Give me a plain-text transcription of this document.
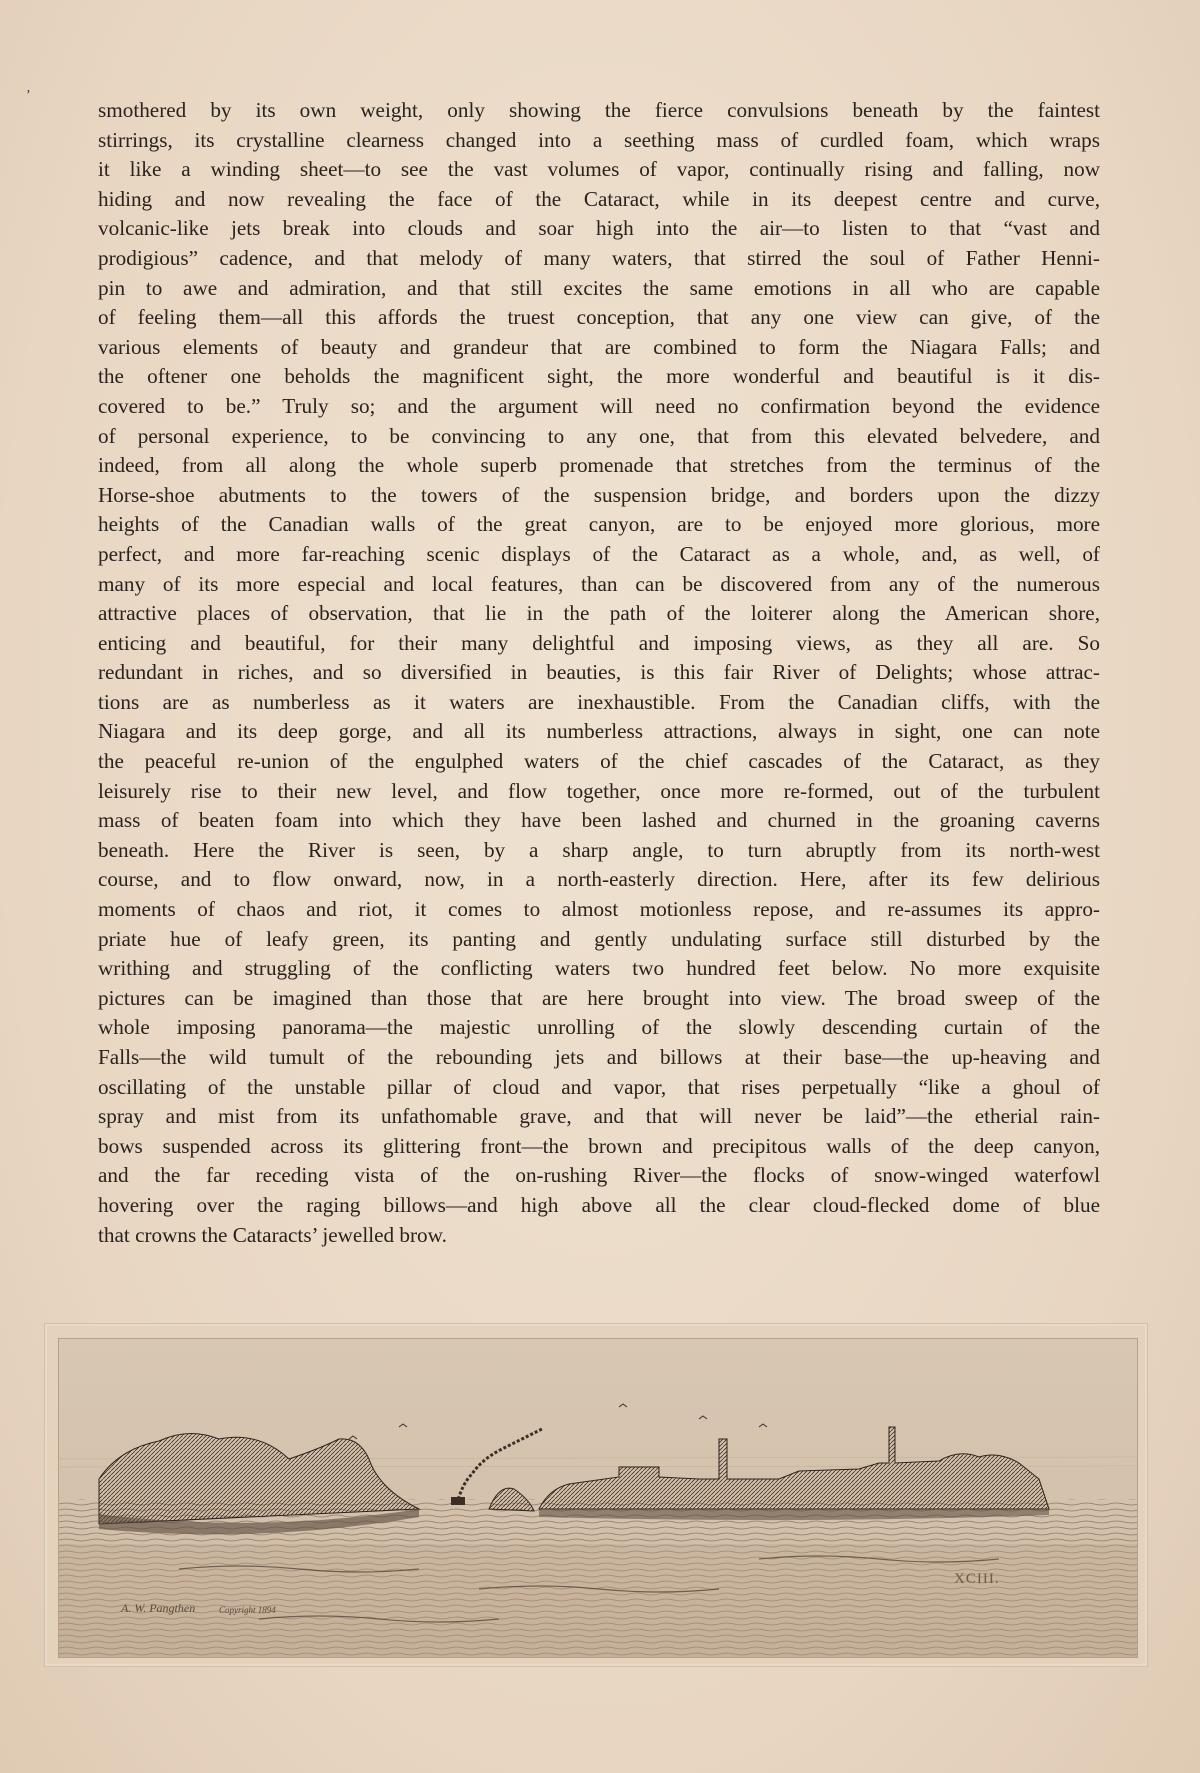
ʼ
smothered by its own weight, only showing the fierce convulsions beneath by the faintest
stirrings, its crystalline clearness changed into a seething mass of curdled foam, which wraps
it like a winding sheet—to see the vast volumes of vapor, continually rising and falling, now
hiding and now revealing the face of the Cataract, while in its deepest centre and curve,
volcanic-like jets break into clouds and soar high into the air—to listen to that “vast and
prodigious” cadence, and that melody of many waters, that stirred the soul of Father Henni-
pin to awe and admiration, and that still excites the same emotions in all who are capable
of feeling them—all this affords the truest conception, that any one view can give, of the
various elements of beauty and grandeur that are combined to form the Niagara Falls; and
the oftener one beholds the magnificent sight, the more wonderful and beautiful is it dis-
covered to be.” Truly so; and the argument will need no confirmation beyond the evidence
of personal experience, to be convincing to any one, that from this elevated belvedere, and
indeed, from all along the whole superb promenade that stretches from the terminus of the
Horse-shoe abutments to the towers of the suspension bridge, and borders upon the dizzy
heights of the Canadian walls of the great canyon, are to be enjoyed more glorious, more
perfect, and more far-reaching scenic displays of the Cataract as a whole, and, as well, of
many of its more especial and local features, than can be discovered from any of the numerous
attractive places of observation, that lie in the path of the loiterer along the American shore,
enticing and beautiful, for their many delightful and imposing views, as they all are. So
redundant in riches, and so diversified in beauties, is this fair River of Delights; whose attrac-
tions are as numberless as it waters are inexhaustible. From the Canadian cliffs, with the
Niagara and its deep gorge, and all its numberless attractions, always in sight, one can note
the peaceful re-union of the engulphed waters of the chief cascades of the Cataract, as they
leisurely rise to their new level, and flow together, once more re-formed, out of the turbulent
mass of beaten foam into which they have been lashed and churned in the groaning caverns
beneath. Here the River is seen, by a sharp angle, to turn abruptly from its north-west
course, and to flow onward, now, in a north-easterly direction. Here, after its few delirious
moments of chaos and riot, it comes to almost motionless repose, and re-assumes its appro-
priate hue of leafy green, its panting and gently undulating surface still disturbed by the
writhing and struggling of the conflicting waters two hundred feet below. No more exquisite
pictures can be imagined than those that are here brought into view. The broad sweep of the
whole imposing panorama—the majestic unrolling of the slowly descending curtain of the
Falls—the wild tumult of the rebounding jets and billows at their base—the up-heaving and
oscillating of the unstable pillar of cloud and vapor, that rises perpetually “like a ghoul of
spray and mist from its unfathomable grave, and that will never be laid”—the etherial rain-
bows suspended across its glittering front—the brown and precipitous walls of the deep canyon,
and the far receding vista of the on-rushing River—the flocks of snow-winged waterfowl
hovering over the raging billows—and high above all the clear cloud-flecked dome of blue
that crowns the Cataracts’ jewelled brow.
A. W. Pangthen	Copyright 1894
XCIII.
